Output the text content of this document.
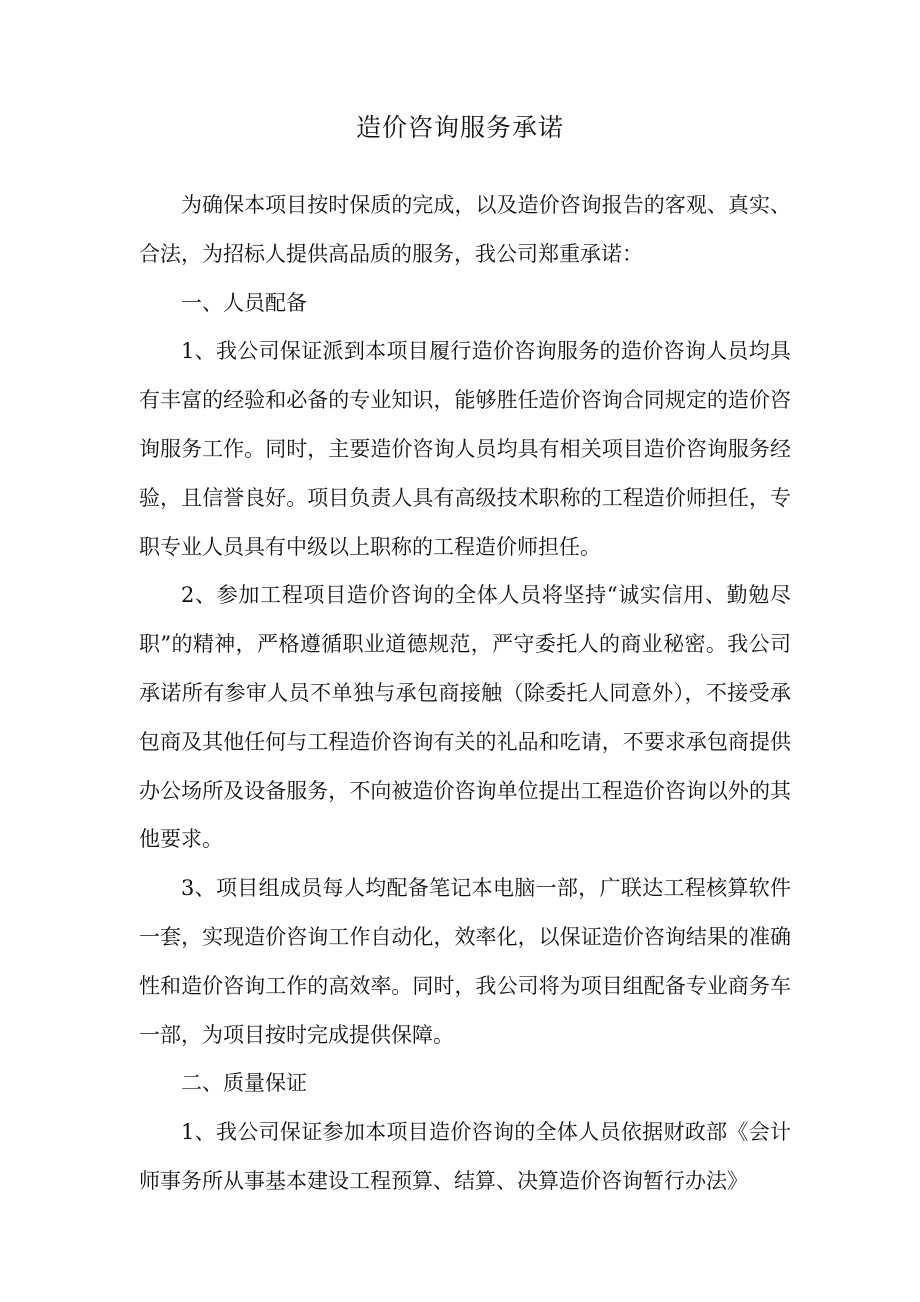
造价咨询服务承诺

为确保本项目按时保质的完成，以及造价咨询报告的客观、真实、合法，为招标人提供高品质的服务，我公司郑重承诺：

一、人员配备

1、我公司保证派到本项目履行造价咨询服务的造价咨询人员均具有丰富的经验和必备的专业知识，能够胜任造价咨询合同规定的造价咨询服务工作。同时，主要造价咨询人员均具有相关项目造价咨询服务经验，且信誉良好。项目负责人具有高级技术职称的工程造价师担任，专职专业人员具有中级以上职称的工程造价师担任。

2、参加工程项目造价咨询的全体人员将坚持“诚实信用、勤勉尽职”的精神，严格遵循职业道德规范，严守委托人的商业秘密。我公司承诺所有参审人员不单独与承包商接触（除委托人同意外），不接受承包商及其他任何与工程造价咨询有关的礼品和吃请，不要求承包商提供办公场所及设备服务，不向被造价咨询单位提出工程造价咨询以外的其他要求。

3、项目组成员每人均配备笔记本电脑一部，广联达工程核算软件一套，实现造价咨询工作自动化，效率化，以保证造价咨询结果的准确性和造价咨询工作的高效率。同时，我公司将为项目组配备专业商务车一部，为项目按时完成提供保障。

二、质量保证

1、我公司保证参加本项目造价咨询的全体人员依据财政部《会计师事务所从事基本建设工程预算、结算、决算造价咨询暂行办法》
